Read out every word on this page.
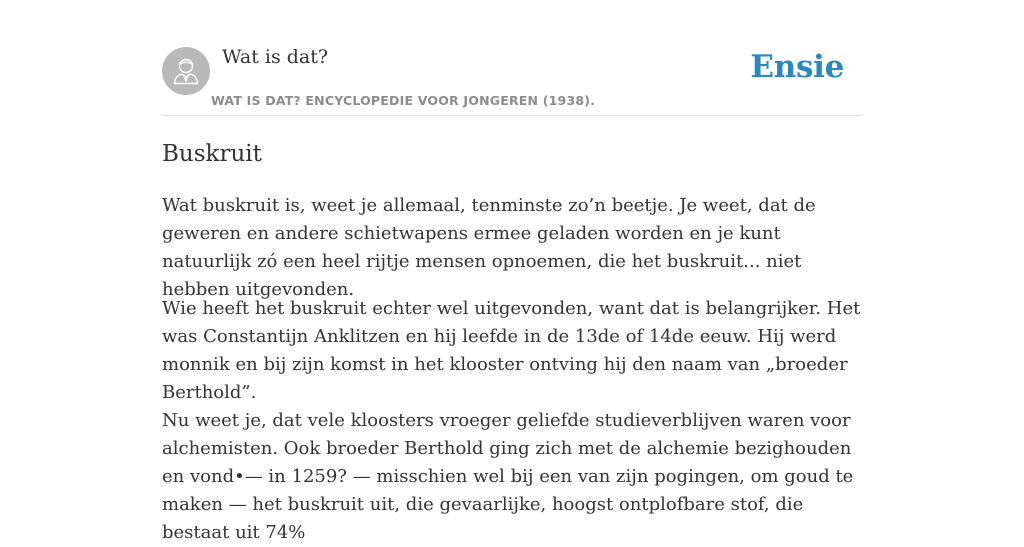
Wat is dat?
WAT IS DAT? ENCYCLOPEDIE VOOR JONGEREN (1938).
Ensie
Buskruit

Wat buskruit is, weet je allemaal, tenminste zo’n beetje. Je weet, dat de geweren en andere schietwapens ermee geladen worden en je kunt natuurlijk zó een heel rijtje mensen opnoemen, die het buskruit... niet hebben uitgevonden.

Wie heeft het buskruit echter wel uitgevonden, want dat is belangrijker. Het was Constantijn Anklitzen en hij leefde in de 13de of 14de eeuw. Hij werd monnik en bij zijn komst in het klooster ontving hij den naam van „broeder Berthold”.

Nu weet je, dat vele kloosters vroeger geliefde studieverblijven waren voor alchemisten. Ook broeder Berthold ging zich met de alchemie bezighouden en vond•— in 1259? — misschien wel bij een van zijn pogingen, om goud te maken — het buskruit uit, die gevaarlijke, hoogst ontplofbare stof, die bestaat uit 74%
